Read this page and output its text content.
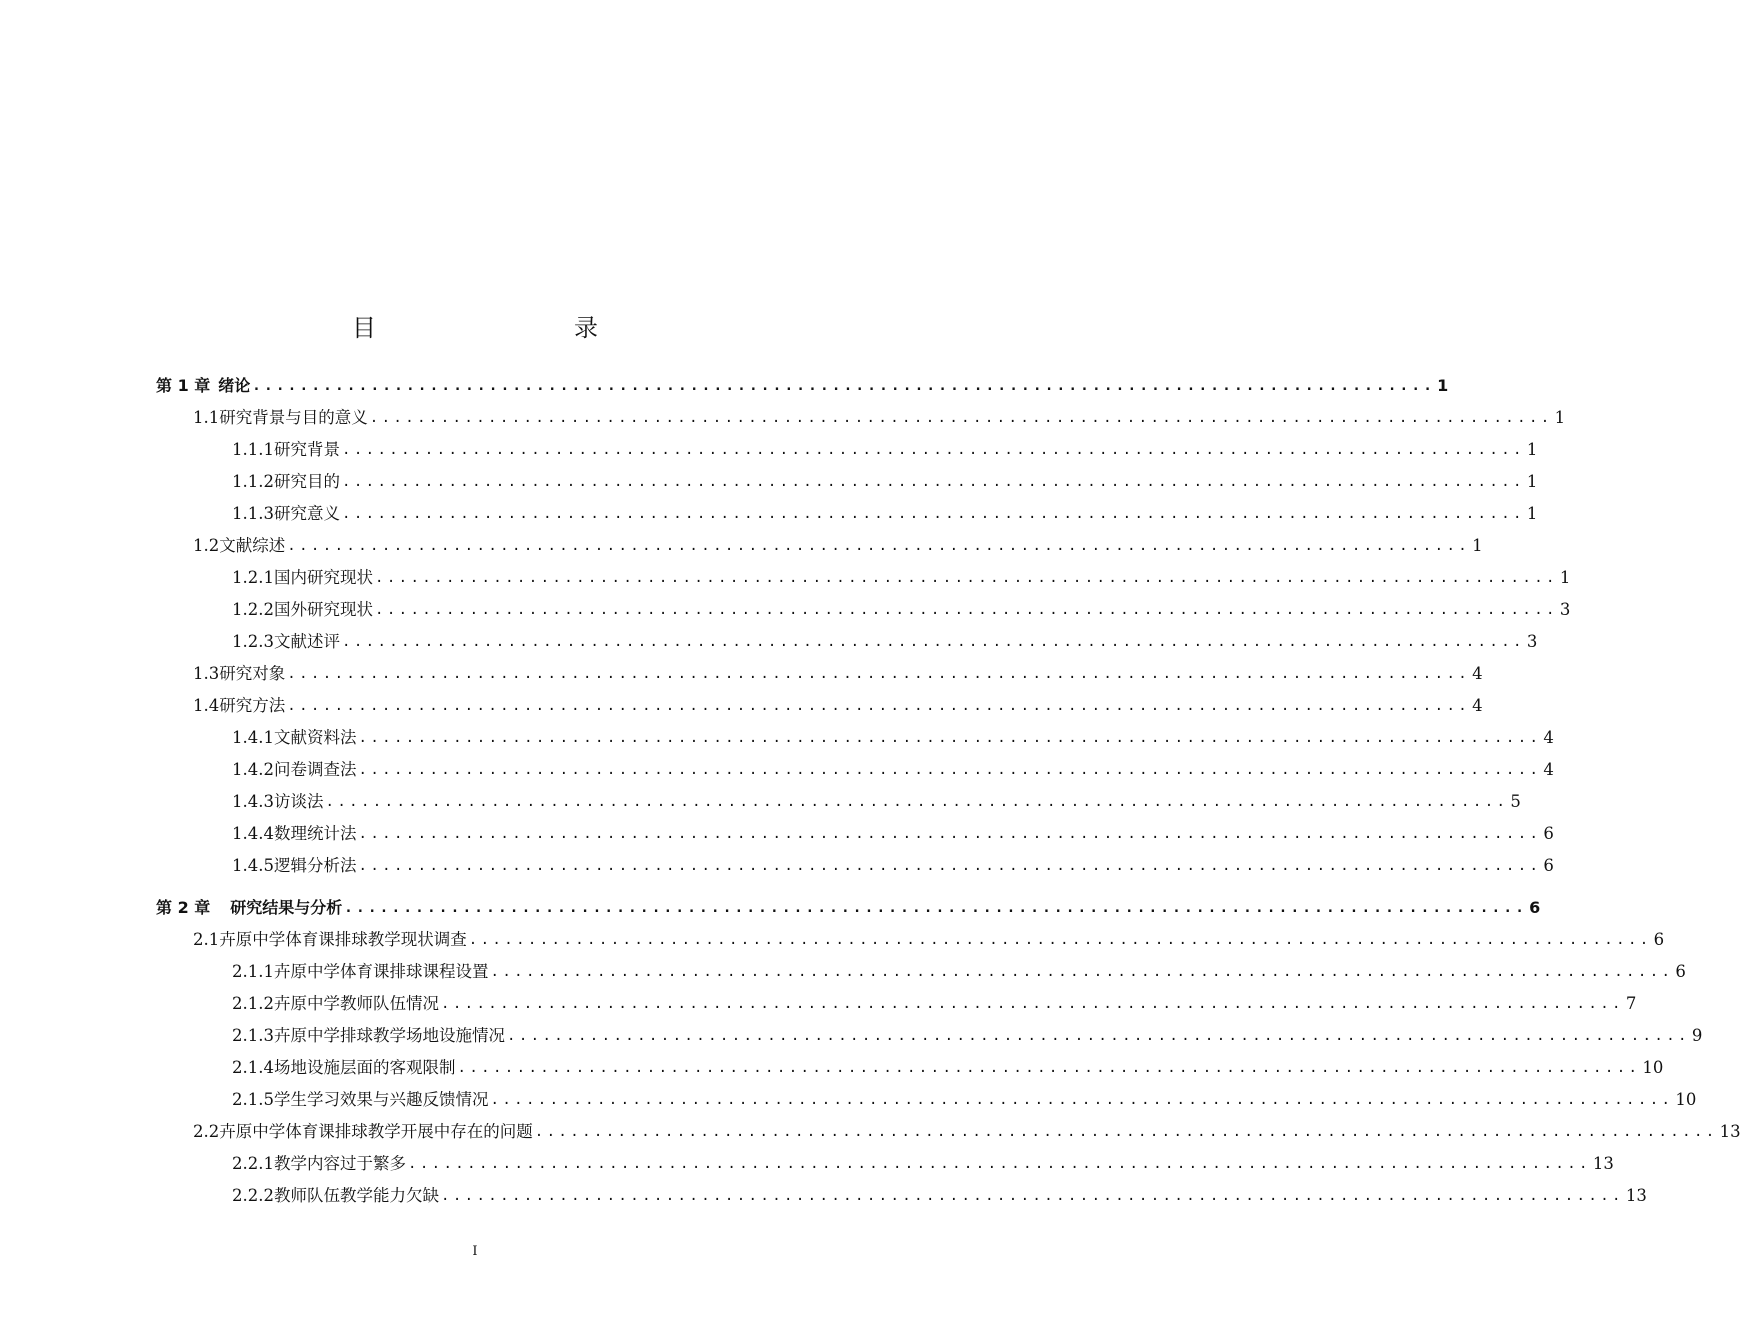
目　　录
第 1 章 绪论 .................................................................................................... 1
1.1 研究背景与目的意义 .................................................................................................... 1
1.1.1 研究背景 .................................................................................................... 1
1.1.2 研究目的 .................................................................................................... 1
1.1.3 研究意义 .................................................................................................... 1
1.2 文献综述 .................................................................................................... 1
1.2.1 国内研究现状 .................................................................................................... 1
1.2.2 国外研究现状 .................................................................................................... 3
1.2.3 文献述评 .................................................................................................... 3
1.3 研究对象 .................................................................................................... 4
1.4 研究方法 .................................................................................................... 4
1.4.1 文献资料法 .................................................................................................... 4
1.4.2 问卷调查法 .................................................................................................... 4
1.4.3 访谈法 .................................................................................................... 5
1.4.4 数理统计法 .................................................................................................... 6
1.4.5 逻辑分析法 .................................................................................................... 6
第 2 章 研究结果与分析 .................................................................................................... 6
2.1 卉原中学体育课排球教学现状调查 .................................................................................................... 6
2.1.1 卉原中学体育课排球课程设置 .................................................................................................... 6
2.1.2 卉原中学教师队伍情况 .................................................................................................... 7
2.1.3 卉原中学排球教学场地设施情况 .................................................................................................... 9
2.1.4 场地设施层面的客观限制 .................................................................................................... 10
2.1.5 学生学习效果与兴趣反馈情况 .................................................................................................... 10
2.2 卉原中学体育课排球教学开展中存在的问题 .................................................................................................... 13
2.2.1 教学内容过于繁多 .................................................................................................... 13
2.2.2 教师队伍教学能力欠缺 .................................................................................................... 13
I
